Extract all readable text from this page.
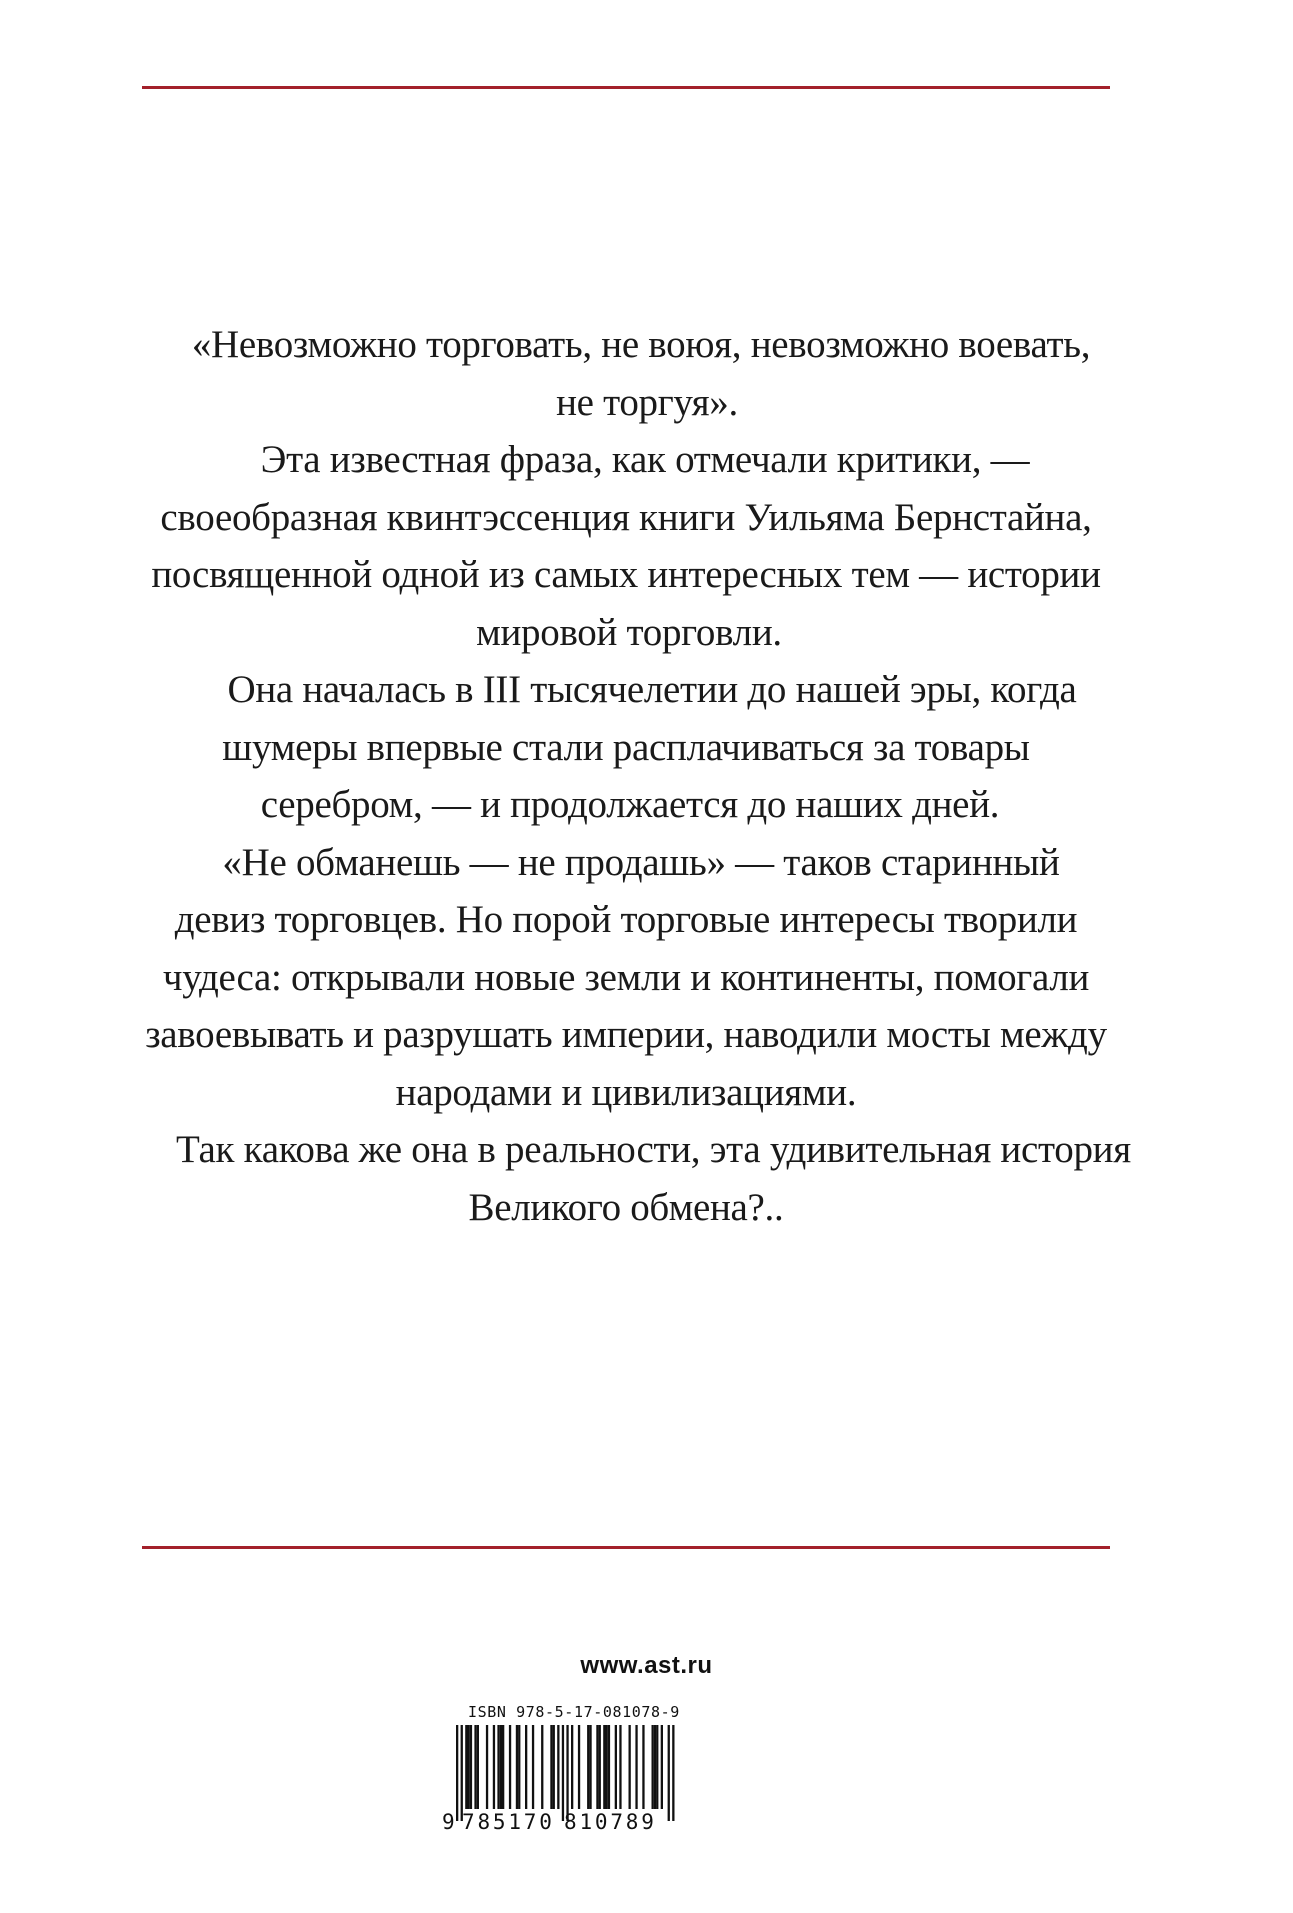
«Невозможно торговать, не воюя, невозможно воевать,
не торгуя».
Эта известная фраза, как отмечали критики, —
своеобразная квинтэссенция книги Уильяма Бернстайна,
посвященной одной из самых интересных тем — истории
мировой торговли.
Она началась в III тысячелетии до нашей эры, когда
шумеры впервые стали расплачиваться за товары
серебром, — и продолжается до наших дней.
«Не обманешь — не продашь» — таков старинный
девиз торговцев. Но порой торговые интересы творили
чудеса: открывали новые земли и континенты, помогали
завоевывать и разрушать империи, наводили мосты между
народами и цивилизациями.
Так какова же она в реальности, эта удивительная история
Великого обмена?..
www.ast.ru
ISBN 978-5-17-081078-9
9 785170 810789
